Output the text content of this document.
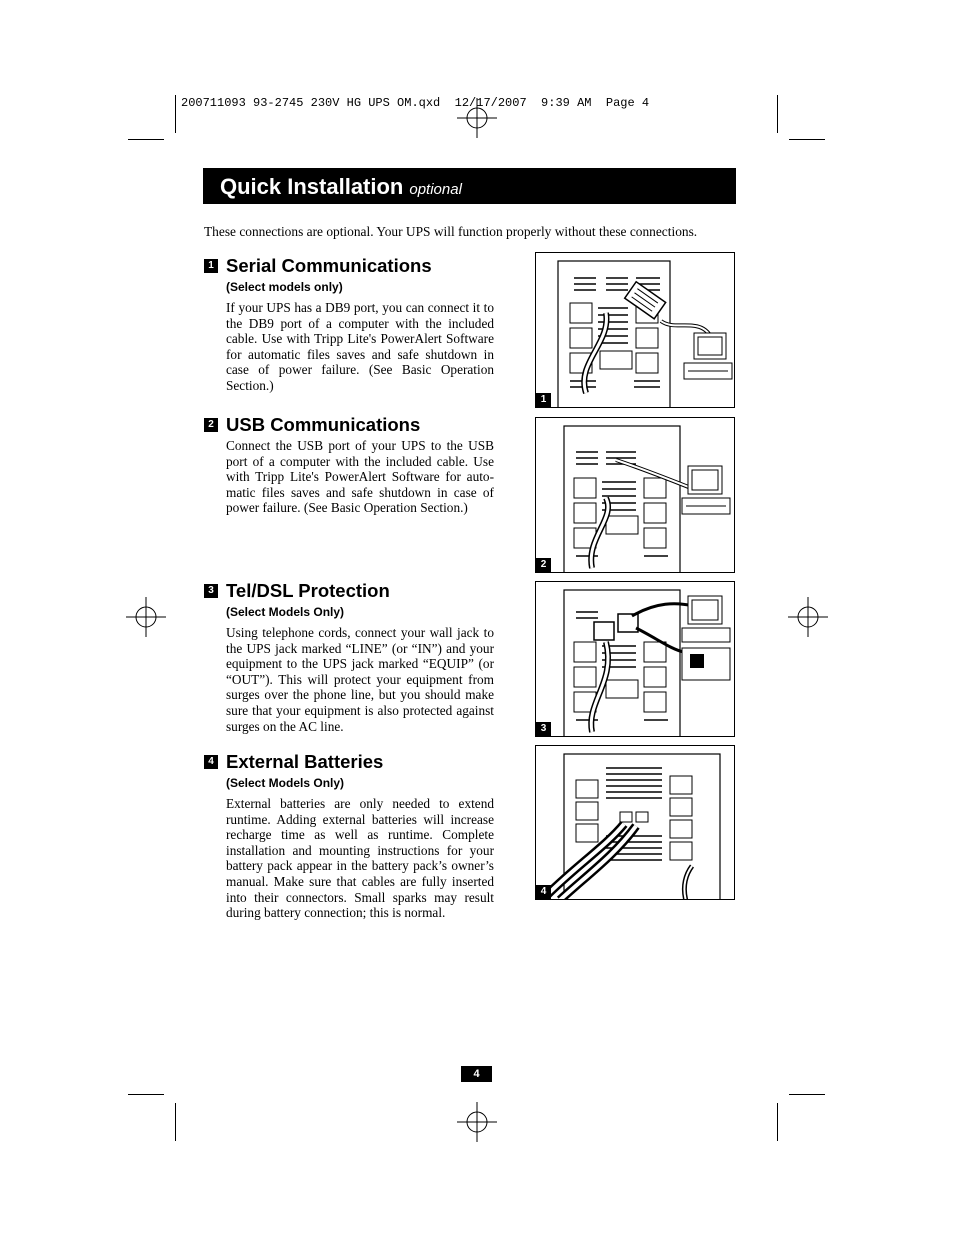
200711093 93-2745 230V HG UPS OM.qxd  12/17/2007  9:39 AM  Page 4
Quick Installation optional
These connections are optional. Your UPS will function properly without these connections.
1 Serial Communications
(Select models only)
If your UPS has a DB9 port, you can connect it to the DB9 port of a computer with the included cable. Use with Tripp Lite's PowerAlert Software for automatic files saves and safe shutdown in case of power failure. (See Basic Operation Section.)
2 USB Communications
Connect the USB port of your UPS to the USB port of a computer with the included cable. Use with Tripp Lite's PowerAlert Software for auto-matic files saves and safe shutdown in case of power failure. (See Basic Operation Section.)
3 Tel/DSL Protection
(Select Models Only)
Using telephone cords, connect your wall jack to the UPS jack marked “LINE” (or “IN”) and your equipment to the UPS jack marked “EQUIP” (or “OUT”). This will protect your equipment from surges over the phone line, but you should make sure that your equipment is also protected against surges on the AC line.
4 External Batteries
(Select Models Only)
External batteries are only needed to extend runtime. Adding external batteries will increase recharge time as well as runtime. Complete installation and mounting instructions for your battery pack appear in the battery pack’s owner’s manual. Make sure that cables are fully inserted into their connectors. Small sparks may result during battery connection; this is normal.
1
2
3
4
4
